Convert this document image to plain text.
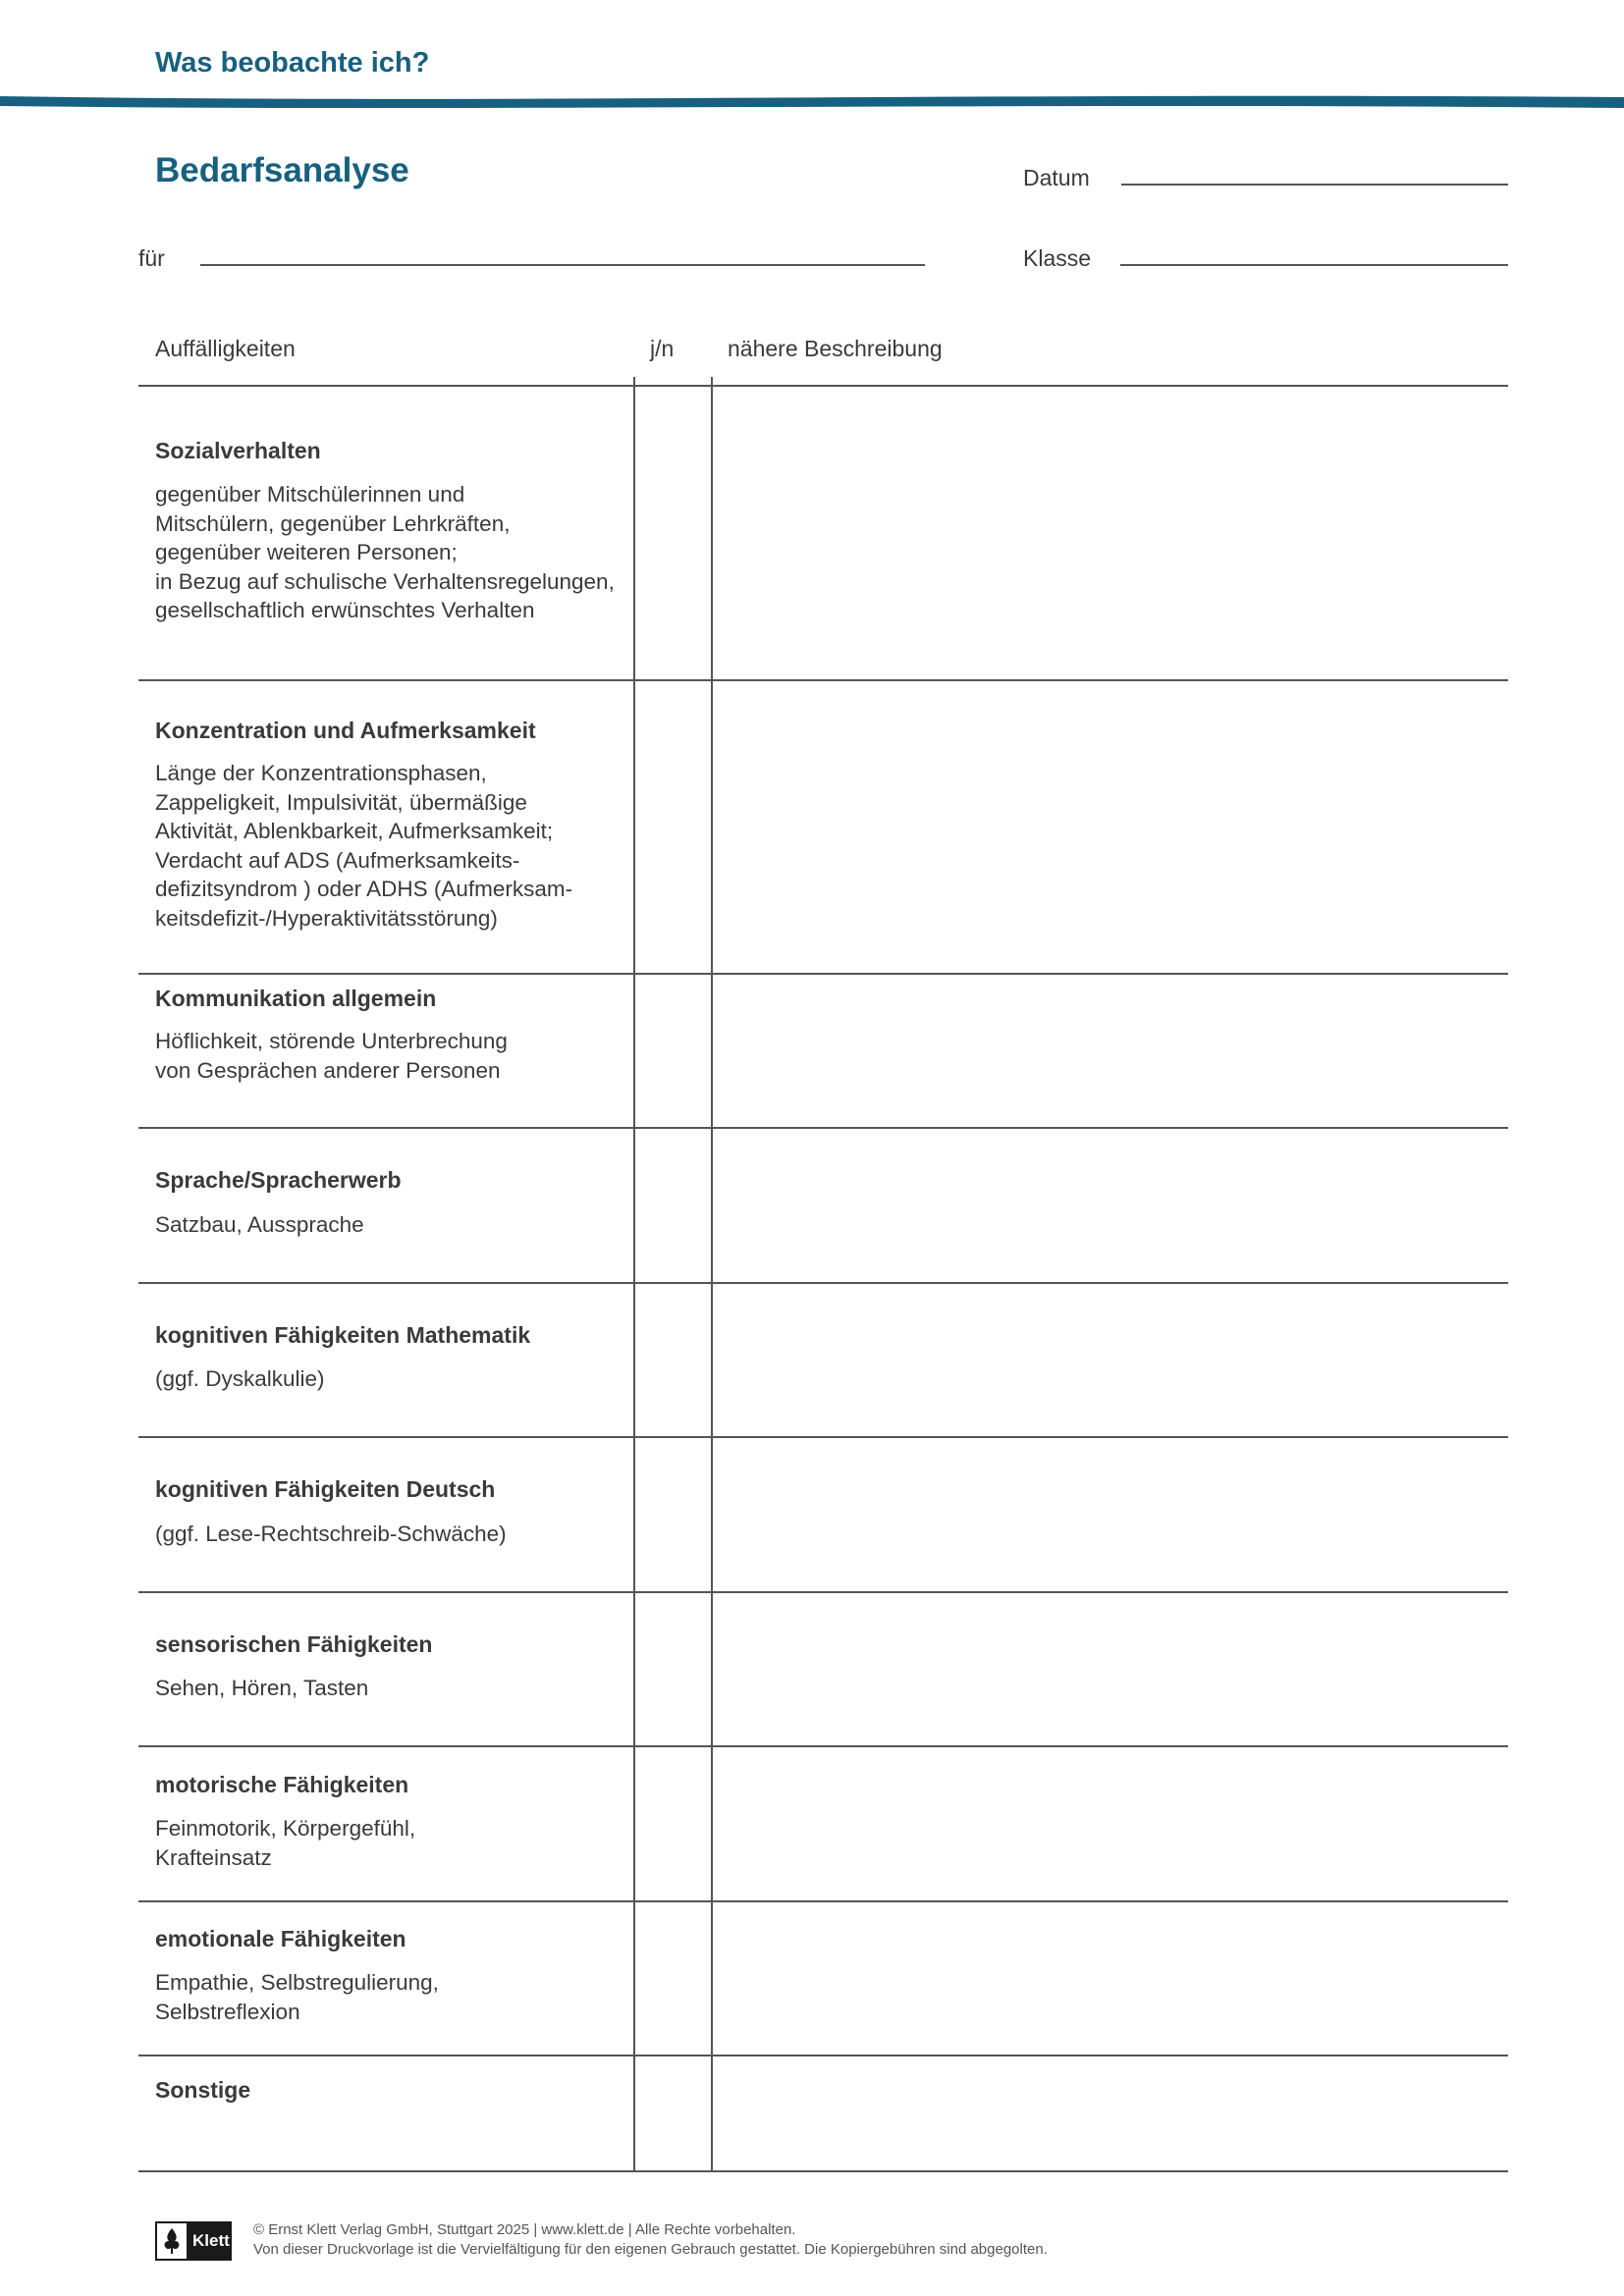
Was beobachte ich?
Bedarfsanalyse	Datum
für	Klasse
Auffälligkeiten	j/n nähere Beschreibung
Sozialverhalten
gegenüber Mitschülerinnen und
Mitschülern, gegenüber Lehrkräften,
gegenüber weiteren Personen;
in Bezug auf schulische Verhaltensregelungen,
gesellschaftlich erwünschtes Verhalten
Konzentration und Aufmerksamkeit
Länge der Konzentrationsphasen,
Zappeligkeit, Impulsivität, übermäßige
Aktivität, Ablenkbarkeit, Aufmerksamkeit;
Verdacht auf ADS (Aufmerksamkeits-
defizitsyndrom ) oder ADHS (Aufmerksam-
keitsdefizit-/Hyperaktivitätsstörung)
Kommunikation allgemein
Höflichkeit, störende Unterbrechung
von Gesprächen anderer Personen
Sprache/Spracherwerb
Satzbau, Aussprache
kognitiven Fähigkeiten Mathematik
(ggf. Dyskalkulie)
kognitiven Fähigkeiten Deutsch
(ggf. Lese-Rechtschreib-Schwäche)
sensorischen Fähigkeiten
Sehen, Hören, Tasten
motorische Fähigkeiten
Feinmotorik, Körpergefühl,
Krafteinsatz
emotionale Fähigkeiten
Empathie, Selbstregulierung,
Selbstreflexion
Sonstige
Klett
© Ernst Klett Verlag GmbH, Stuttgart 2025 | www.klett.de | Alle Rechte vorbehalten.
Von dieser Druckvorlage ist die Vervielfältigung für den eigenen Gebrauch gestattet. Die Kopiergebühren sind abgegolten.
